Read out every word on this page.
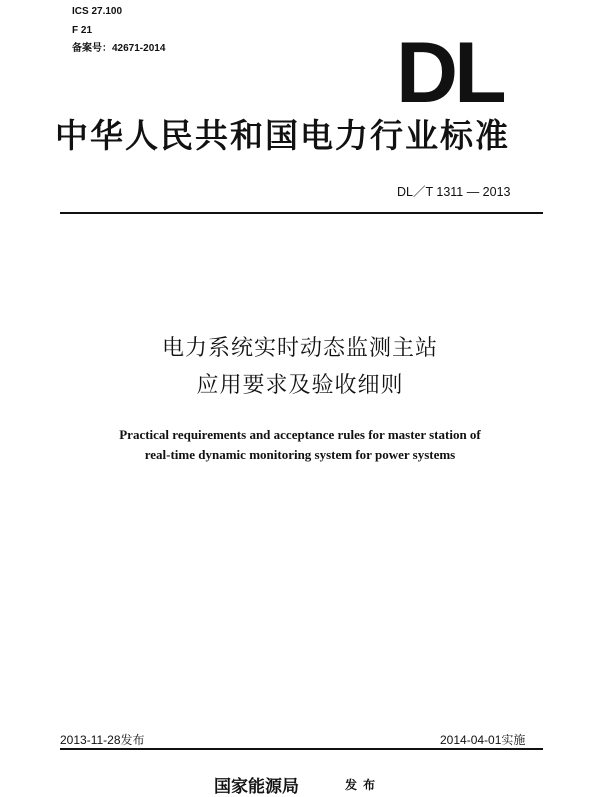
ICS 27.100
F 21
备案号：42671-2014	DL
中华人民共和国电力行业标准
DL／T 1311 — 2013
电力系统实时动态监测主站
应用要求及验收细则
Practical requirements and acceptance rules for master station of
real-time dynamic monitoring system for power systems
2013-11-28发布	2014-04-01实施
国家能源局	发布
